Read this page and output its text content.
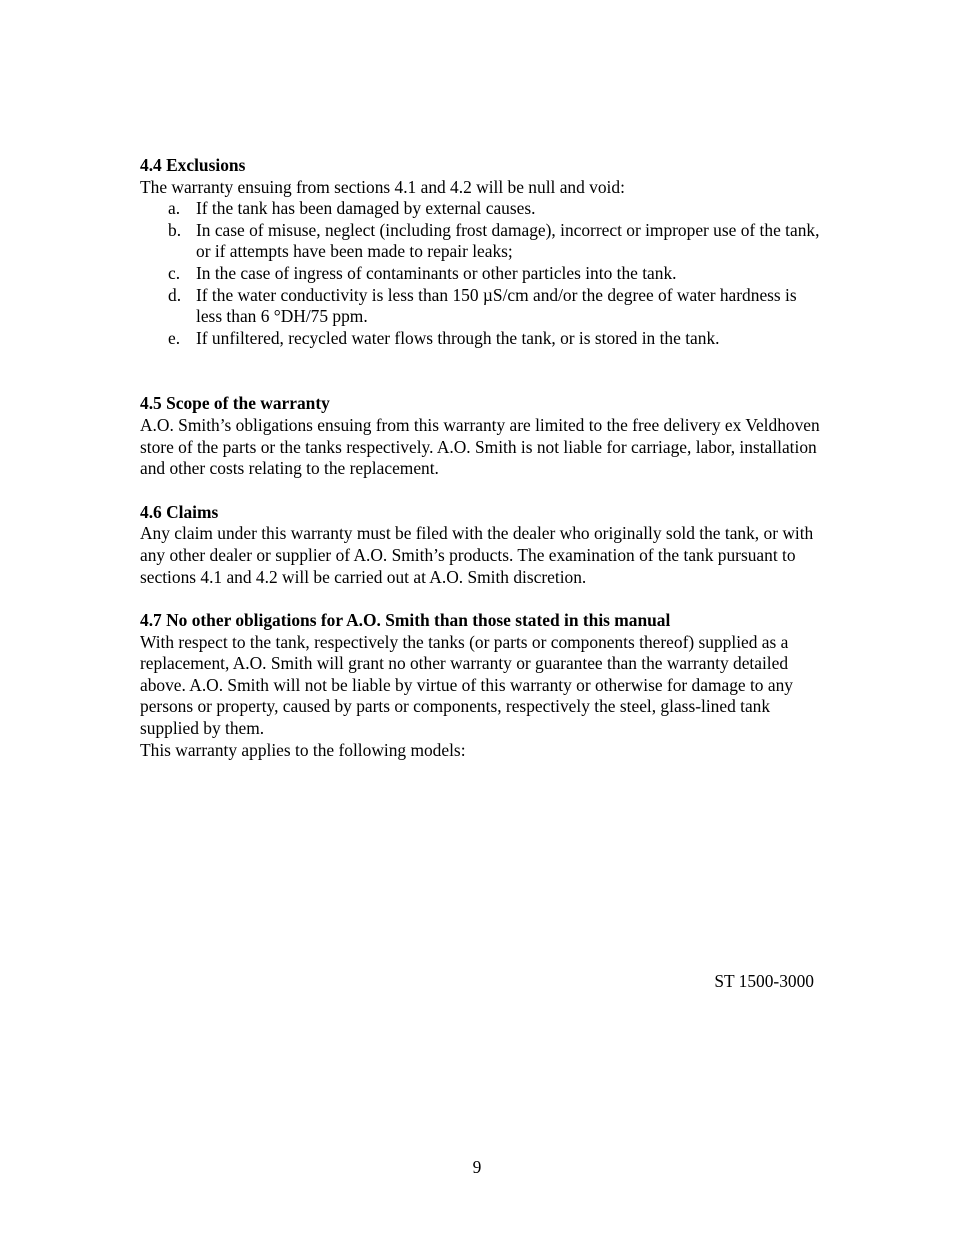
4.4 Exclusions

The warranty ensuing from sections 4.1 and 4.2 will be null and void:

a. If the tank has been damaged by external causes.
b. In case of misuse, neglect (including frost damage), incorrect or improper use of the tank, or if attempts have been made to repair leaks;
c. In the case of ingress of contaminants or other particles into the tank.
d. If the water conductivity is less than 150 µS/cm and/or the degree of water hardness is less than 6 °DH/75 ppm.
e. If unfiltered, recycled water flows through the tank, or is stored in the tank.

4.5 Scope of the warranty

A.O. Smith’s obligations ensuing from this warranty are limited to the free delivery ex Veldhoven store of the parts or the tanks respectively. A.O. Smith is not liable for carriage, labor, installation and other costs relating to the replacement.

4.6 Claims

Any claim under this warranty must be filed with the dealer who originally sold the tank, or with any other dealer or supplier of A.O. Smith’s products. The examination of the tank pursuant to sections 4.1 and 4.2 will be carried out at A.O. Smith discretion.

4.7 No other obligations for A.O. Smith than those stated in this manual

With respect to the tank, respectively the tanks (or parts or components thereof) supplied as a replacement, A.O. Smith will grant no other warranty or guarantee than the warranty detailed above. A.O. Smith will not be liable by virtue of this warranty or otherwise for damage to any persons or property, caused by parts or components, respectively the steel, glass-lined tank supplied by them.

This warranty applies to the following models:

ST 1500-3000
9
